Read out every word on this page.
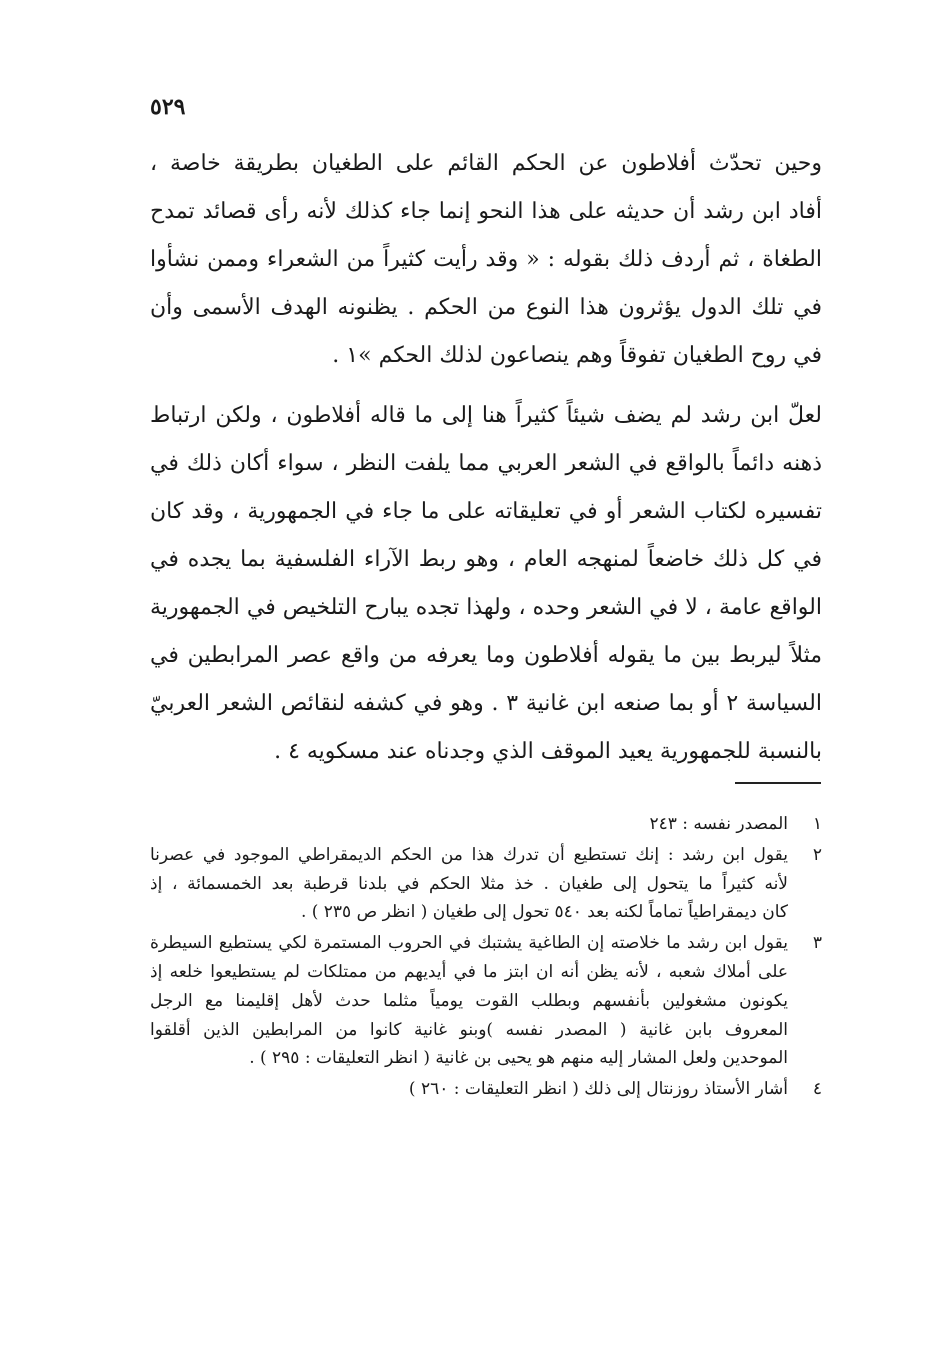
٥٢٩
وحين تحدّث أفلاطون عن الحكم القائم على الطغيان بطريقة خاصة ،
أفاد ابن رشد أن حديثه على هذا النحو إنما جاء كذلك لأنه رأى قصائد تمدح
الطغاة ، ثم أردف ذلك بقوله : « وقد رأيت كثيراً من الشعراء وممن نشأوا
في تلك الدول يؤثرون هذا النوع من الحكم . يظنونه الهدف الأسمى وأن
في روح الطغيان تفوقاً وهم ينصاعون لذلك الحكم »١ .
لعلّ ابن رشد لم يضف شيئاً كثيراً هنا إلى ما قاله أفلاطون ، ولكن ارتباط
ذهنه دائماً بالواقع في الشعر العربي مما يلفت النظر ، سواء أكان ذلك في
تفسيره لكتاب الشعر أو في تعليقاته على ما جاء في الجمهورية ، وقد كان
في كل ذلك خاضعاً لمنهجه العام ، وهو ربط الآراء الفلسفية بما يجده في
الواقع عامة ، لا في الشعر وحده ، ولهذا تجده يبارح التلخيص في الجمهورية
مثلاً ليربط بين ما يقوله أفلاطون وما يعرفه من واقع عصر المرابطين في
السياسة ٢ أو بما صنعه ابن غانية ٣ . وهو في كشفه لنقائص الشعر العربيّ
بالنسبة للجمهورية يعيد الموقف الذي وجدناه عند مسكويه ٤ .
١
المصدر نفسه : ٢٤٣
٢
يقول ابن رشد : إنك تستطيع أن تدرك هذا من الحكم الديمقراطي الموجود في عصرنا
لأنه كثيراً ما يتحول إلى طغيان . خذ مثلا الحكم في بلدنا قرطبة بعد الخمسمائة ، إذ
كان ديمقراطياً تماماً لكنه بعد ٥٤٠ تحول إلى طغيان ( انظر ص ٢٣٥ ) .
٣
يقول ابن رشد ما خلاصته إن الطاغية يشتبك في الحروب المستمرة لكي يستطيع السيطرة
على أملاك شعبه ، لأنه يظن أنه ان ابتز ما في أيديهم من ممتلكات لم يستطيعوا خلعه إذ
يكونون مشغولين بأنفسهم وبطلب القوت يومياً مثلما حدث لأهل إقليمنا مع الرجل
المعروف بابن غانية ( المصدر نفسه )وبنو غانية كانوا من المرابطين الذين أقلقوا
الموحدين ولعل المشار إليه منهم هو يحيى بن غانية ( انظر التعليقات : ٢٩٥ ) .
٤
أشار الأستاذ روزنتال إلى ذلك ( انظر التعليقات : ٢٦٠ )
